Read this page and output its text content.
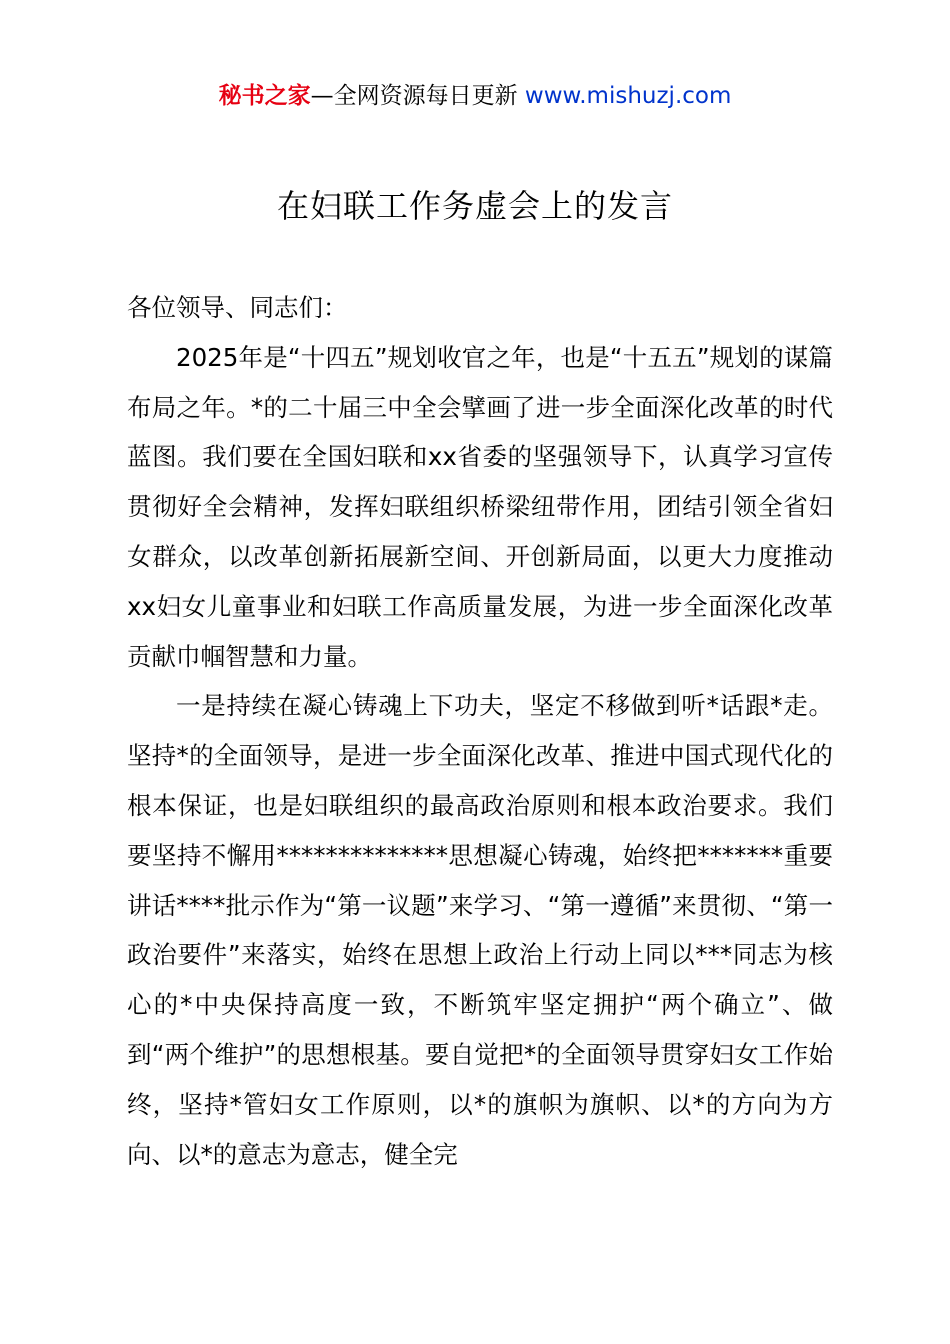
秘书之家—全网资源每日更新 www.mishuzj.com
在妇联工作务虚会上的发言

各位领导、同志们：

2025年是“十四五”规划收官之年，也是“十五五”规划的谋篇布局之年。*的二十届三中全会擘画了进一步全面深化改革的时代蓝图。我们要在全国妇联和xx省委的坚强领导下，认真学习宣传贯彻好全会精神，发挥妇联组织桥梁纽带作用，团结引领全省妇女群众，以改革创新拓展新空间、开创新局面，以更大力度推动xx妇女儿童事业和妇联工作高质量发展，为进一步全面深化改革贡献巾帼智慧和力量。

一是持续在凝心铸魂上下功夫，坚定不移做到听*话跟*走。坚持*的全面领导，是进一步全面深化改革、推进中国式现代化的根本保证，也是妇联组织的最高政治原则和根本政治要求。我们要坚持不懈用**************思想凝心铸魂，始终把*******重要讲话****批示作为“第一议题”来学习、“第一遵循”来贯彻、“第一政治要件”来落实，始终在思想上政治上行动上同以***同志为核心的*中央保持高度一致，不断筑牢坚定拥护“两个确立”、做到“两个维护”的思想根基。要自觉把*的全面领导贯穿妇女工作始终，坚持*管妇女工作原则，以*的旗帜为旗帜、以*的方向为方向、以*的意志为意志，健全完
